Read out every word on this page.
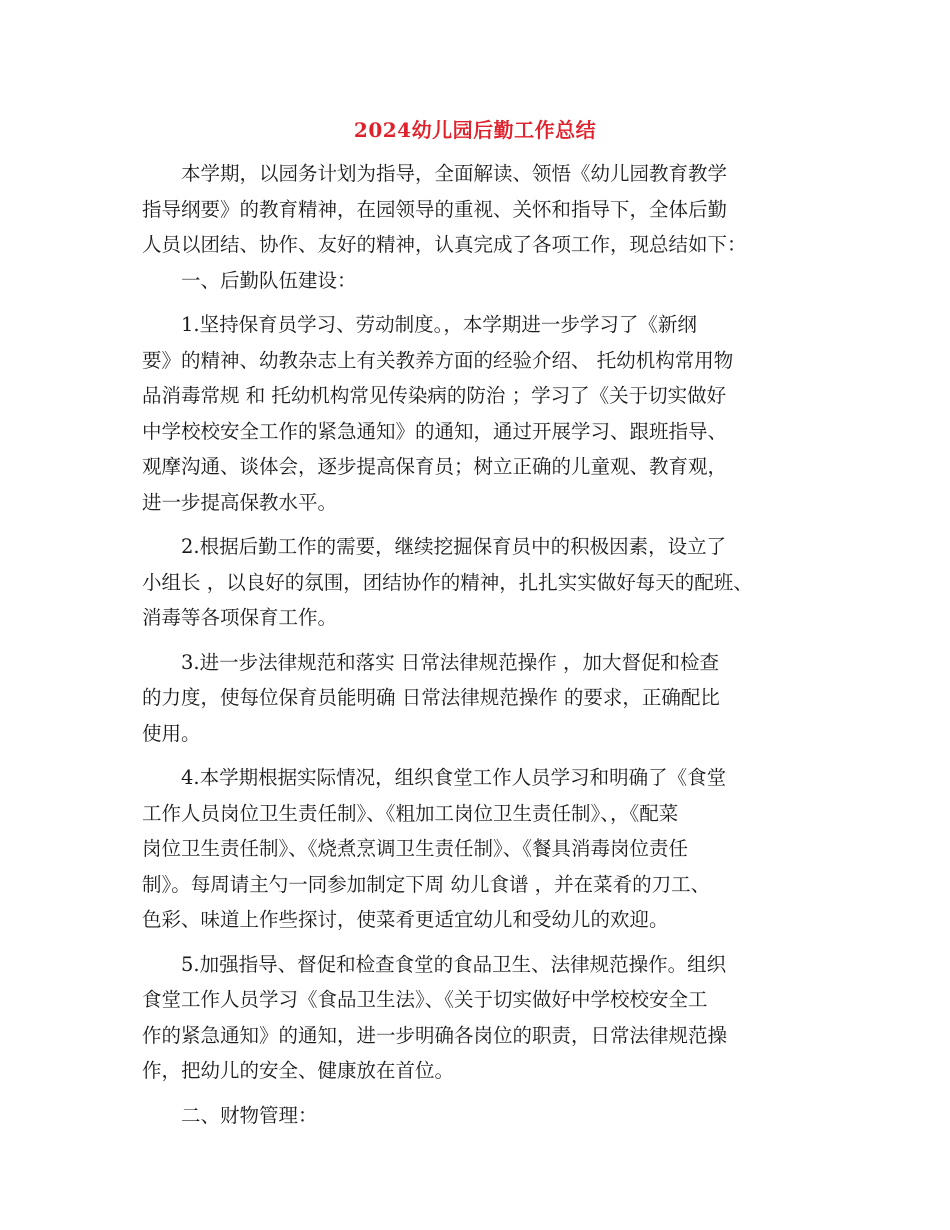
2024幼儿园后勤工作总结
　　本学期，以园务计划为指导，全面解读、领悟《幼儿园教育教学
指导纲要》的教育精神，在园领导的重视、关怀和指导下，全体后勤
人员以团结、协作、友好的精神，认真完成了各项工作，现总结如下：
　　一、后勤队伍建设：
　　1.坚持保育员学习、劳动制度。，本学期进一步学习了《新纲
要》的精神、幼教杂志上有关教养方面的经验介绍、 托幼机构常用物
品消毒常规 和 托幼机构常见传染病的防治 ；学习了《关于切实做好
中学校校安全工作的紧急通知》的通知，通过开展学习、跟班指导、
观摩沟通、谈体会，逐步提高保育员；树立正确的儿童观、教育观，
进一步提高保教水平。
　　2.根据后勤工作的需要，继续挖掘保育员中的积极因素，设立了
小组长 ，以良好的氛围，团结协作的精神，扎扎实实做好每天的配班、
消毒等各项保育工作。
　　3.进一步法律规范和落实 日常法律规范操作 ，加大督促和检查
的力度，使每位保育员能明确 日常法律规范操作 的要求，正确配比
使用。
　　4.本学期根据实际情况，组织食堂工作人员学习和明确了《食堂
工作人员岗位卫生责任制》、《粗加工岗位卫生责任制》、，《配菜
岗位卫生责任制》、《烧煮烹调卫生责任制》、《餐具消毒岗位责任
制》。每周请主勺一同参加制定下周 幼儿食谱 ，并在菜肴的刀工、
色彩、味道上作些探讨，使菜肴更适宜幼儿和受幼儿的欢迎。
　　5.加强指导、督促和检查食堂的食品卫生、法律规范操作。组织
食堂工作人员学习《食品卫生法》、《关于切实做好中学校校安全工
作的紧急通知》的通知，进一步明确各岗位的职责，日常法律规范操
作，把幼儿的安全、健康放在首位。
　　二、财物管理：
